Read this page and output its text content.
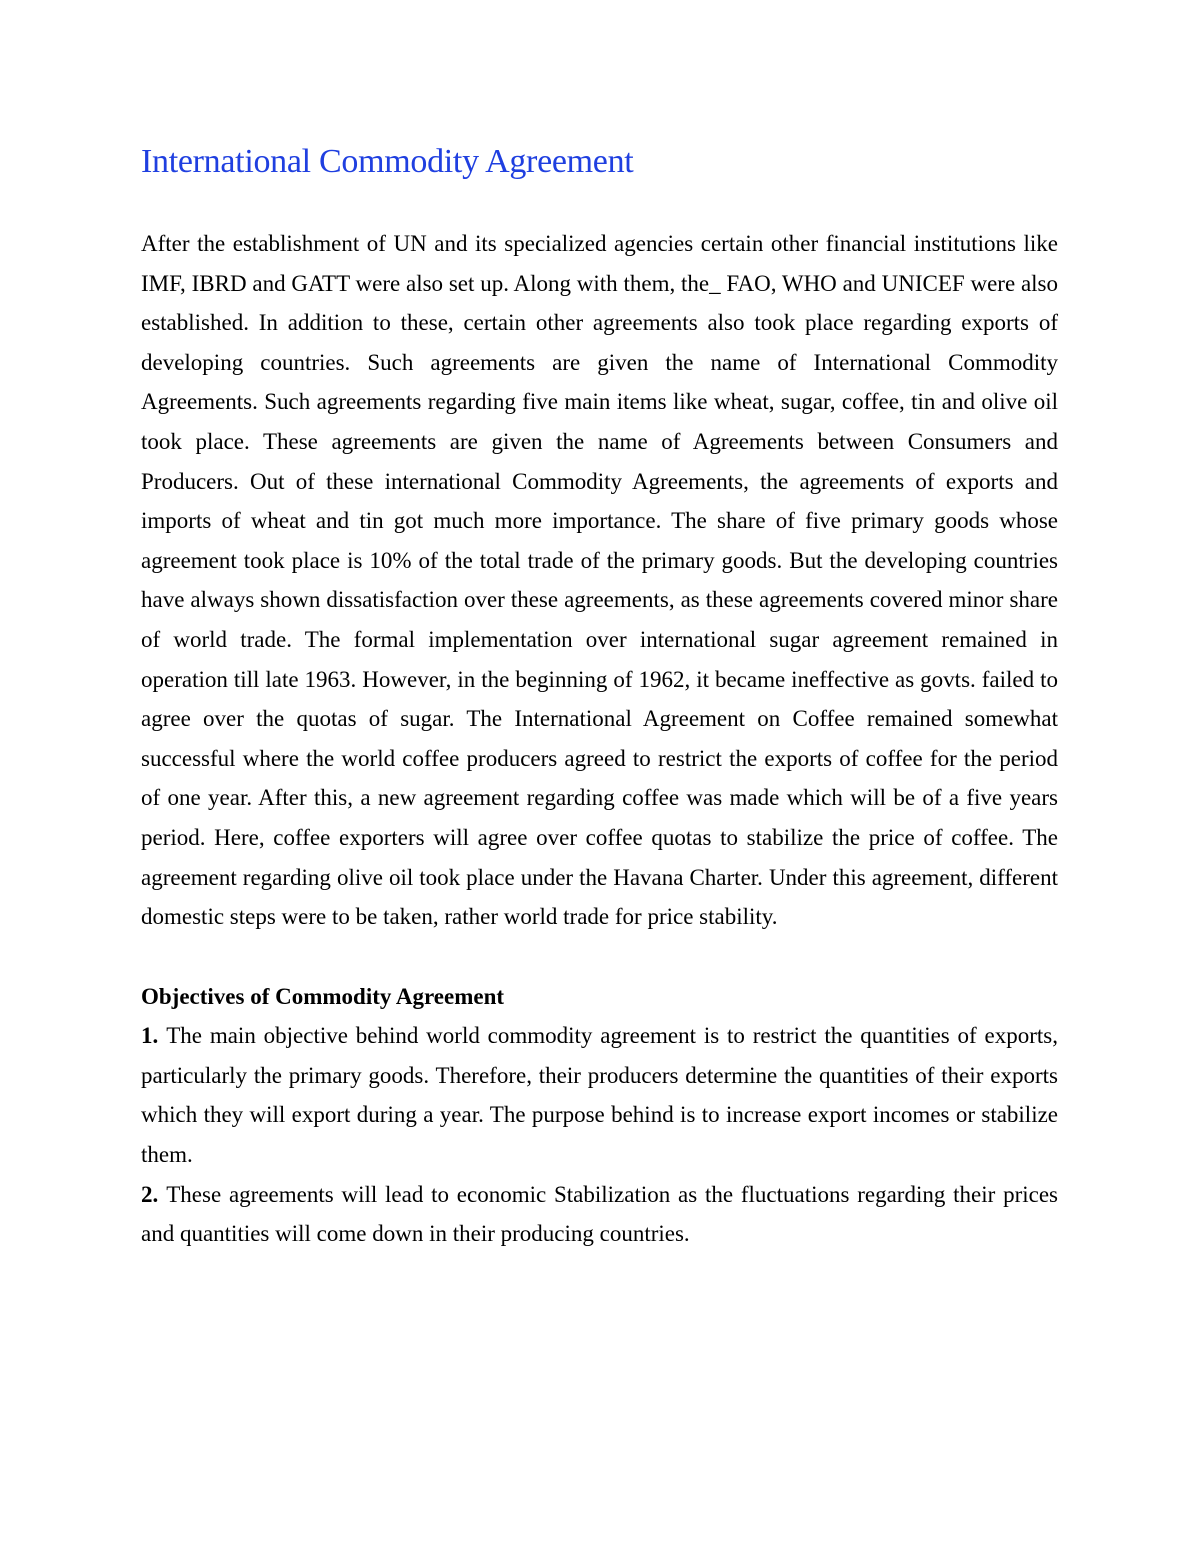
International Commodity Agreement

After the establishment of UN and its specialized agencies certain other financial institutions like IMF, IBRD and GATT were also set up. Along with them, the_ FAO, WHO and UNICEF were also established. In addition to these, certain other agreements also took place regarding exports of developing countries. Such agreements are given the name of International Commodity Agreements. Such agreements regarding five main items like wheat, sugar, coffee, tin and olive oil took place. These agreements are given the name of Agreements between Consumers and Producers. Out of these international Commodity Agreements, the agreements of exports and imports of wheat and tin got much more importance. The share of five primary goods whose agreement took place is 10% of the total trade of the primary goods. But the developing countries have always shown dissatisfaction over these agreements, as these agreements covered minor share of world trade. The formal implementation over international sugar agreement remained in operation till late 1963. However, in the beginning of 1962, it became ineffective as govts. failed to agree over the quotas of sugar. The International Agreement on Coffee remained somewhat successful where the world coffee producers agreed to restrict the exports of coffee for the period of one year. After this, a new agreement regarding coffee was made which will be of a five years period. Here, coffee exporters will agree over coffee quotas to stabilize the price of coffee. The agreement regarding olive oil took place under the Havana Charter. Under this agreement, different domestic steps were to be taken, rather world trade for price stability.

Objectives of Commodity Agreement

1. The main objective behind world commodity agreement is to restrict the quantities of exports, particularly the primary goods. Therefore, their producers determine the quantities of their exports which they will export during a year. The purpose behind is to increase export incomes or stabilize them.

2. These agreements will lead to economic Stabilization as the fluctuations regarding their prices and quantities will come down in their producing countries.
